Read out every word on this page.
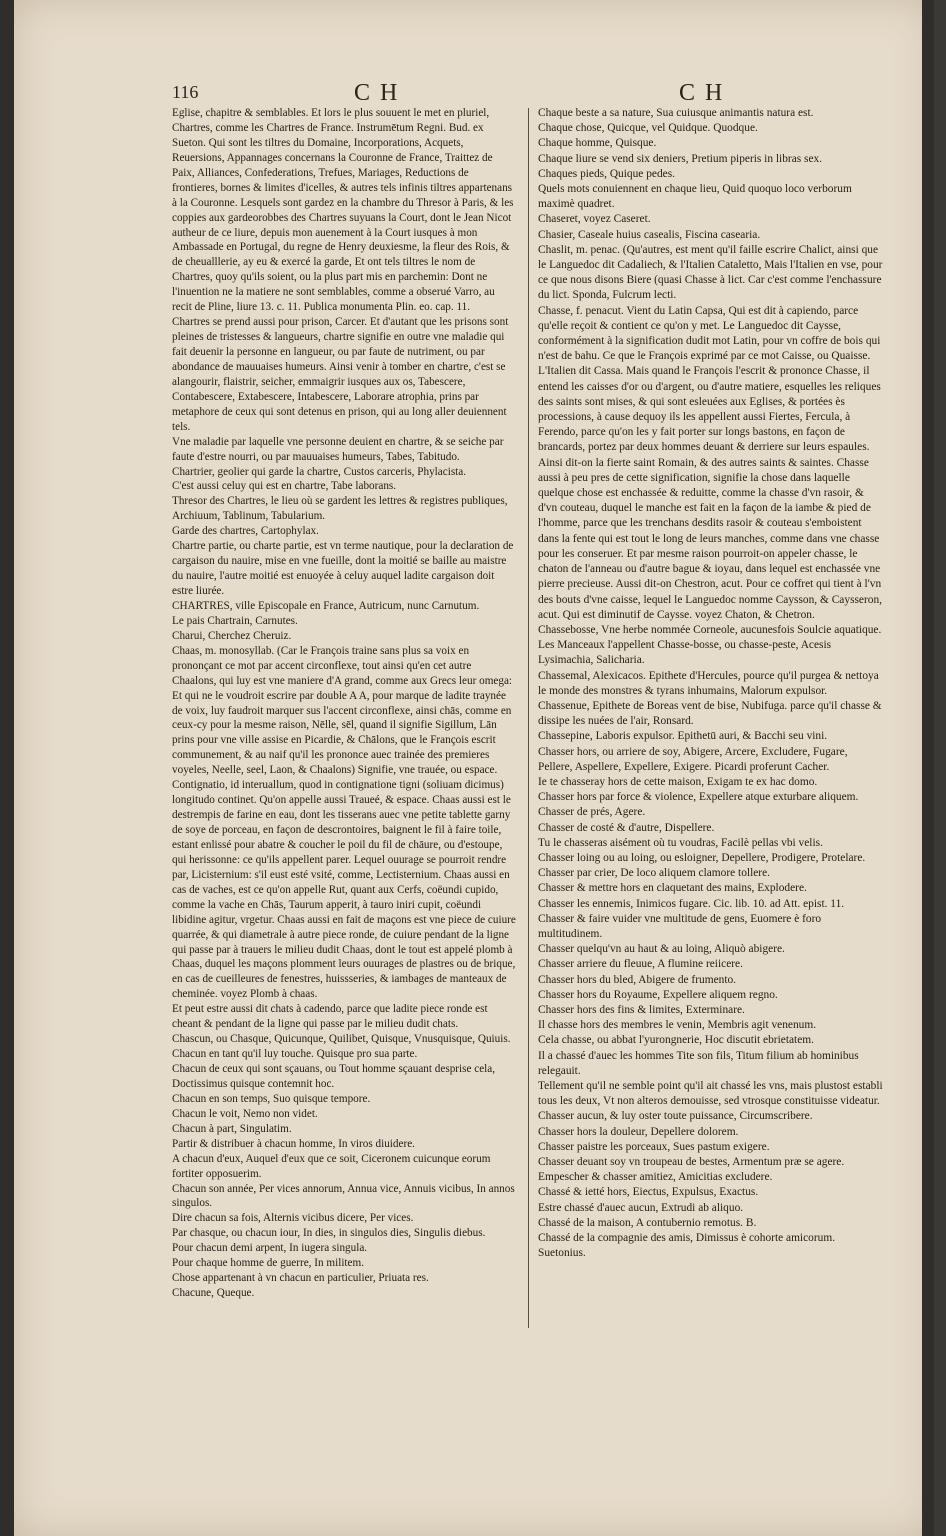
116	CH	CH

Eglise, chapitre & semblables. Et lors le plus souuent le met en pluriel, Chartres, comme les Chartres de France. Instrumētum Regni. Bud. ex Sueton. Qui sont les tiltres du Domaine, Incorporations, Acquets, Reuersions, Appannages concernans la Couronne de France, Traittez de Paix, Alliances, Confederations, Trefues, Mariages, Reductions de frontieres, bornes & limites d'icelles, & autres tels infinis tiltres appartenans à la Couronne. Lesquels sont gardez en la chambre du Thresor à Paris, & les coppies aux gardeorobbes des Chartres suyuans la Court, dont le Jean Nicot autheur de ce liure, depuis mon auenement à la Court iusques à mon Ambassade en Portugal, du regne de Henry deuxiesme, la fleur des Rois, & de cheualllerie, ay eu & exercé la garde, Et ont tels tiltres le nom de Chartres, quoy qu'ils soient, ou la plus part mis en parchemin: Dont ne l'inuention ne la matiere ne sont semblables, comme a obserué Varro, au recit de Pline, liure 13. c. 11. Publica monumenta Plin. eo. cap. 11.

Chartres se prend aussi pour prison, Carcer. Et d'autant que les prisons sont pleines de tristesses & langueurs, chartre signifie en outre vne maladie qui fait deuenir la personne en langueur, ou par faute de nutriment, ou par abondance de mauuaises humeurs. Ainsi venir à tomber en chartre, c'est se alangourir, flaistrir, seicher, emmaigrir iusques aux os, Tabescere, Contabescere, Extabescere, Intabescere, Laborare atrophia, prins par metaphore de ceux qui sont detenus en prison, qui au long aller deuiennent tels.

Vne maladie par laquelle vne personne deuient en chartre, & se seiche par faute d'estre nourri, ou par mauuaises humeurs, Tabes, Tabitudo.

Chartrier, geolier qui garde la chartre, Custos carceris, Phylacista.

C'est aussi celuy qui est en chartre, Tabe laborans.

Thresor des Chartres, le lieu où se gardent les lettres & registres publiques, Archiuum, Tablinum, Tabularium.

Garde des chartres, Cartophylax.

Chartre partie, ou charte partie, est vn terme nautique, pour la declaration de cargaison du nauire, mise en vne fueille, dont la moitié se baille au maistre du nauire, l'autre moitié est enuoyée à celuy auquel ladite cargaison doit estre liurée.

CHARTRES, ville Episcopale en France, Autricum, nunc Carnutum.

Le pais Chartrain, Carnutes.

Charui, Cherchez Cheruiz.

Chaas, m. monosyllab. (Car le François traine sans plus sa voix en prononçant ce mot par accent circonflexe, tout ainsi qu'en cet autre Chaalons, qui luy est vne maniere d'A grand, comme aux Grecs leur omega: Et qui ne le voudroit escrire par double A A, pour marque de ladite traynée de voix, luy faudroit marquer sus l'accent circonflexe, ainsi chās, comme en ceux-cy pour la mesme raison, Nēlle, sēl, quand il signifie Sigillum, Lān prins pour vne ville assise en Picardie, & Chālons, que le François escrit communement, & au naif qu'il les prononce auec trainée des premieres voyeles, Neelle, seel, Laon, & Chaalons) Signifie, vne trauée, ou espace. Contignatio, id interuallum, quod in contignatione tigni (soliuam dicimus) longitudo continet. Qu'on appelle aussi Traueé, & espace. Chaas aussi est le destrempis de farine en eau, dont les tisserans auec vne petite tablette garny de soye de porceau, en façon de descrontoires, baignent le fil à faire toile, estant enlissé pour abatre & coucher le poil du fil de chāure, ou d'estoupe, qui herissonne: ce qu'ils appellent parer. Lequel ouurage se pourroit rendre par, Licisternium: s'il eust esté vsité, comme, Lectisternium. Chaas aussi en cas de vaches, est ce qu'on appelle Rut, quant aux Cerfs, coëundi cupido, comme la vache en Chās, Taurum apperit, à tauro iniri cupit, coëundi libidine agitur, vrgetur. Chaas aussi en fait de maçons est vne piece de cuiure quarrée, & qui diametrale à autre piece ronde, de cuiure pendant de la ligne qui passe par à trauers le milieu dudit Chaas, dont le tout est appelé plomb à Chaas, duquel les maçons plomment leurs ouurages de plastres ou de brique, en cas de cueilleures de fenestres, huissseries, & iambages de manteaux de cheminée. voyez Plomb à chaas.

Et peut estre aussi dit chats à cadendo, parce que ladite piece ronde est cheant & pendant de la ligne qui passe par le milieu dudit chats.

Chascun, ou Chasque, Quicunque, Quilibet, Quisque, Vnusquisque, Quiuis.

Chacun en tant qu'il luy touche. Quisque pro sua parte.

Chacun de ceux qui sont sçauans, ou Tout homme sçauant desprise cela, Doctissimus quisque contemnit hoc.

Chacun en son temps, Suo quisque tempore.

Chacun le voit, Nemo non videt.

Chacun à part, Singulatim.

Partir & distribuer à chacun homme, In viros diuidere.

A chacun d'eux, Auquel d'eux que ce soit, Ciceronem cuicunque eorum fortiter opposuerim.

Chacun son année, Per vices annorum, Annua vice, Annuis vicibus, In annos singulos.

Dire chacun sa fois, Alternis vicibus dicere, Per vices.

Par chasque, ou chacun iour, In dies, in singulos dies, Singulis diebus.

Pour chacun demi arpent, In iugera singula.

Pour chaque homme de guerre, In militem.

Chose appartenant à vn chacun en particulier, Priuata res.

Chacune, Queque.

Chaque beste a sa nature, Sua cuiusque animantis natura est.

Chaque chose, Quicque, vel Quidque. Quodque.

Chaque homme, Quisque.

Chaque liure se vend six deniers, Pretium piperis in libras sex.

Chaques pieds, Quique pedes.

Quels mots conuiennent en chaque lieu, Quid quoquo loco verborum maximè quadret.

Chaseret, voyez Caseret.

Chasier, Caseale huius casealis, Fiscina casearia.

Chaslit, m. penac. (Qu'autres, est ment qu'il faille escrire Chalict, ainsi que le Languedoc dit Cadaliech, & l'Italien Cataletto, Mais l'Italien en vse, pour ce que nous disons Biere (quasi Chasse à lict. Car c'est comme l'enchassure du lict. Sponda, Fulcrum lecti.

Chasse, f. penacut. Vient du Latin Capsa, Qui est dit à capiendo, parce qu'elle reçoit & contient ce qu'on y met. Le Languedoc dit Caysse, conformément à la signification dudit mot Latin, pour vn coffre de bois qui n'est de bahu. Ce que le François exprimé par ce mot Caisse, ou Quaisse. L'Italien dit Cassa. Mais quand le François l'escrit & prononce Chasse, il entend les caisses d'or ou d'argent, ou d'autre matiere, esquelles les reliques des saints sont mises, & qui sont esleuées aux Eglises, & portées ès processions, à cause dequoy ils les appellent aussi Fiertes, Fercula, à Ferendo, parce qu'on les y fait porter sur longs bastons, en façon de brancards, portez par deux hommes deuant & derriere sur leurs espaules. Ainsi dit-on la fierte saint Romain, & des autres saints & saintes. Chasse aussi à peu pres de cette signification, signifie la chose dans laquelle quelque chose est enchassée & reduitte, comme la chasse d'vn rasoir, & d'vn couteau, duquel le manche est fait en la façon de la iambe & pied de l'homme, parce que les trenchans desdits rasoir & couteau s'emboistent dans la fente qui est tout le long de leurs manches, comme dans vne chasse pour les conseruer. Et par mesme raison pourroit-on appeler chasse, le chaton de l'anneau ou d'autre bague & ioyau, dans lequel est enchassée vne pierre precieuse. Aussi dit-on Chestron, acut. Pour ce coffret qui tient à l'vn des bouts d'vne caisse, lequel le Languedoc nomme Caysson, & Caysseron, acut. Qui est diminutif de Caysse. voyez Chaton, & Chetron.

Chassebosse, Vne herbe nommée Corneole, aucunesfois Soulcie aquatique. Les Manceaux l'appellent Chasse-bosse, ou chasse-peste, Acesis Lysimachia, Salicharia.

Chassemal, Alexicacos. Epithete d'Hercules, pource qu'il purgea & nettoya le monde des monstres & tyrans inhumains, Malorum expulsor.

Chassenue, Epithete de Boreas vent de bise, Nubifuga. parce qu'il chasse & dissipe les nuées de l'air, Ronsard.

Chassepine, Laboris expulsor. Epithetū auri, & Bacchi seu vini.

Chasser hors, ou arriere de soy, Abigere, Arcere, Excludere, Fugare, Pellere, Aspellere, Expellere, Exigere. Picardi proferunt Cacher.

Ie te chasseray hors de cette maison, Exigam te ex hac domo.

Chasser hors par force & violence, Expellere atque exturbare aliquem.

Chasser de prés, Agere.

Chasser de costé & d'autre, Dispellere.

Tu le chasseras aisément où tu voudras, Facilè pellas vbi velis.

Chasser loing ou au loing, ou esloigner, Depellere, Prodigere, Protelare.

Chasser par crier, De loco aliquem clamore tollere.

Chasser & mettre hors en claquetant des mains, Explodere.

Chasser les ennemis, Inimicos fugare. Cic. lib. 10. ad Att. epist. 11.

Chasser & faire vuider vne multitude de gens, Euomere è foro multitudinem.

Chasser quelqu'vn au haut & au loing, Aliquò abigere.

Chasser arriere du fleuue, A flumine reiicere.

Chasser hors du bled, Abigere de frumento.

Chasser hors du Royaume, Expellere aliquem regno.

Chasser hors des fins & limites, Exterminare.

Il chasse hors des membres le venin, Membris agit venenum.

Cela chasse, ou abbat l'yurongnerie, Hoc discutit ebrietatem.

Il a chassé d'auec les hommes Tite son fils, Titum filium ab hominibus relegauit.

Tellement qu'il ne semble point qu'il ait chassé les vns, mais plustost establi tous les deux, Vt non alteros demouisse, sed vtrosque constituisse videatur.

Chasser aucun, & luy oster toute puissance, Circumscribere.

Chasser hors la douleur, Depellere dolorem.

Chasser paistre les porceaux, Sues pastum exigere.

Chasser deuant soy vn troupeau de bestes, Armentum præ se agere.

Empescher & chasser amitiez, Amicitias excludere.

Chassé & ietté hors, Eiectus, Expulsus, Exactus.

Estre chassé d'auec aucun, Extrudi ab aliquo.

Chassé de la maison, A contubernio remotus. B.

Chassé de la compagnie des amis, Dimissus è cohorte amicorum. Suetonius.
